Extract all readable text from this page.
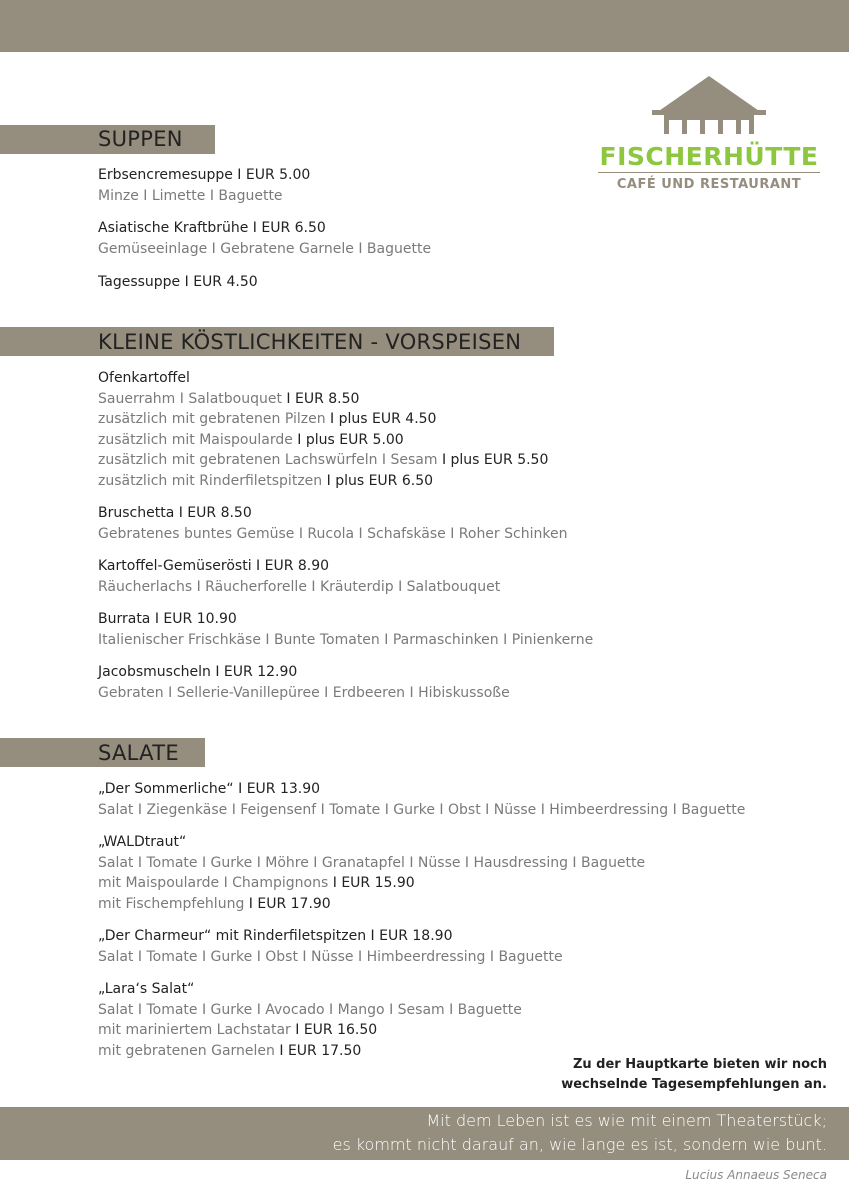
FISCHERHÜTTE
CAFÉ UND RESTAURANT
SUPPEN
Erbsencremesuppe I EUR 5.00
Minze I Limette I Baguette
Asiatische Kraftbrühe I EUR 6.50
Gemüseeinlage I Gebratene Garnele I Baguette
Tagessuppe I EUR 4.50
KLEINE KÖSTLICHKEITEN - VORSPEISEN
Ofenkartoffel
Sauerrahm I Salatbouquet I EUR 8.50
zusätzlich mit gebratenen Pilzen I plus EUR 4.50
zusätzlich mit Maispoularde I plus EUR 5.00
zusätzlich mit gebratenen Lachswürfeln I Sesam I plus EUR 5.50
zusätzlich mit Rinderfiletspitzen I plus EUR 6.50
Bruschetta I EUR 8.50
Gebratenes buntes Gemüse I Rucola I Schafskäse I Roher Schinken
Kartoffel-Gemüserösti I EUR 8.90
Räucherlachs I Räucherforelle I Kräuterdip I Salatbouquet
Burrata I EUR 10.90
Italienischer Frischkäse I Bunte Tomaten I Parmaschinken I Pinienkerne
Jacobsmuscheln I EUR 12.90
Gebraten I Sellerie-Vanillepüree I Erdbeeren I Hibiskussoße
SALATE
„Der Sommerliche“ I EUR 13.90
Salat I Ziegenkäse I Feigensenf I Tomate I Gurke I Obst I Nüsse I Himbeerdressing I Baguette
„WALDtraut“
Salat I Tomate I Gurke I Möhre I Granatapfel I Nüsse I Hausdressing I Baguette
mit Maispoularde I Champignons I EUR 15.90
mit Fischempfehlung I EUR 17.90
„Der Charmeur“ mit Rinderfiletspitzen I EUR 18.90
Salat I Tomate I Gurke I Obst I Nüsse I Himbeerdressing I Baguette
„Lara‘s Salat“
Salat I Tomate I Gurke I Avocado I Mango I Sesam I Baguette
mit mariniertem Lachstatar I EUR 16.50
mit gebratenen Garnelen I EUR 17.50
Zu der Hauptkarte bieten wir noch
wechselnde Tagesempfehlungen an.
Mit dem Leben ist es wie mit einem Theaterstück;
es kommt nicht darauf an, wie lange es ist, sondern wie bunt.
Lucius Annaeus Seneca
